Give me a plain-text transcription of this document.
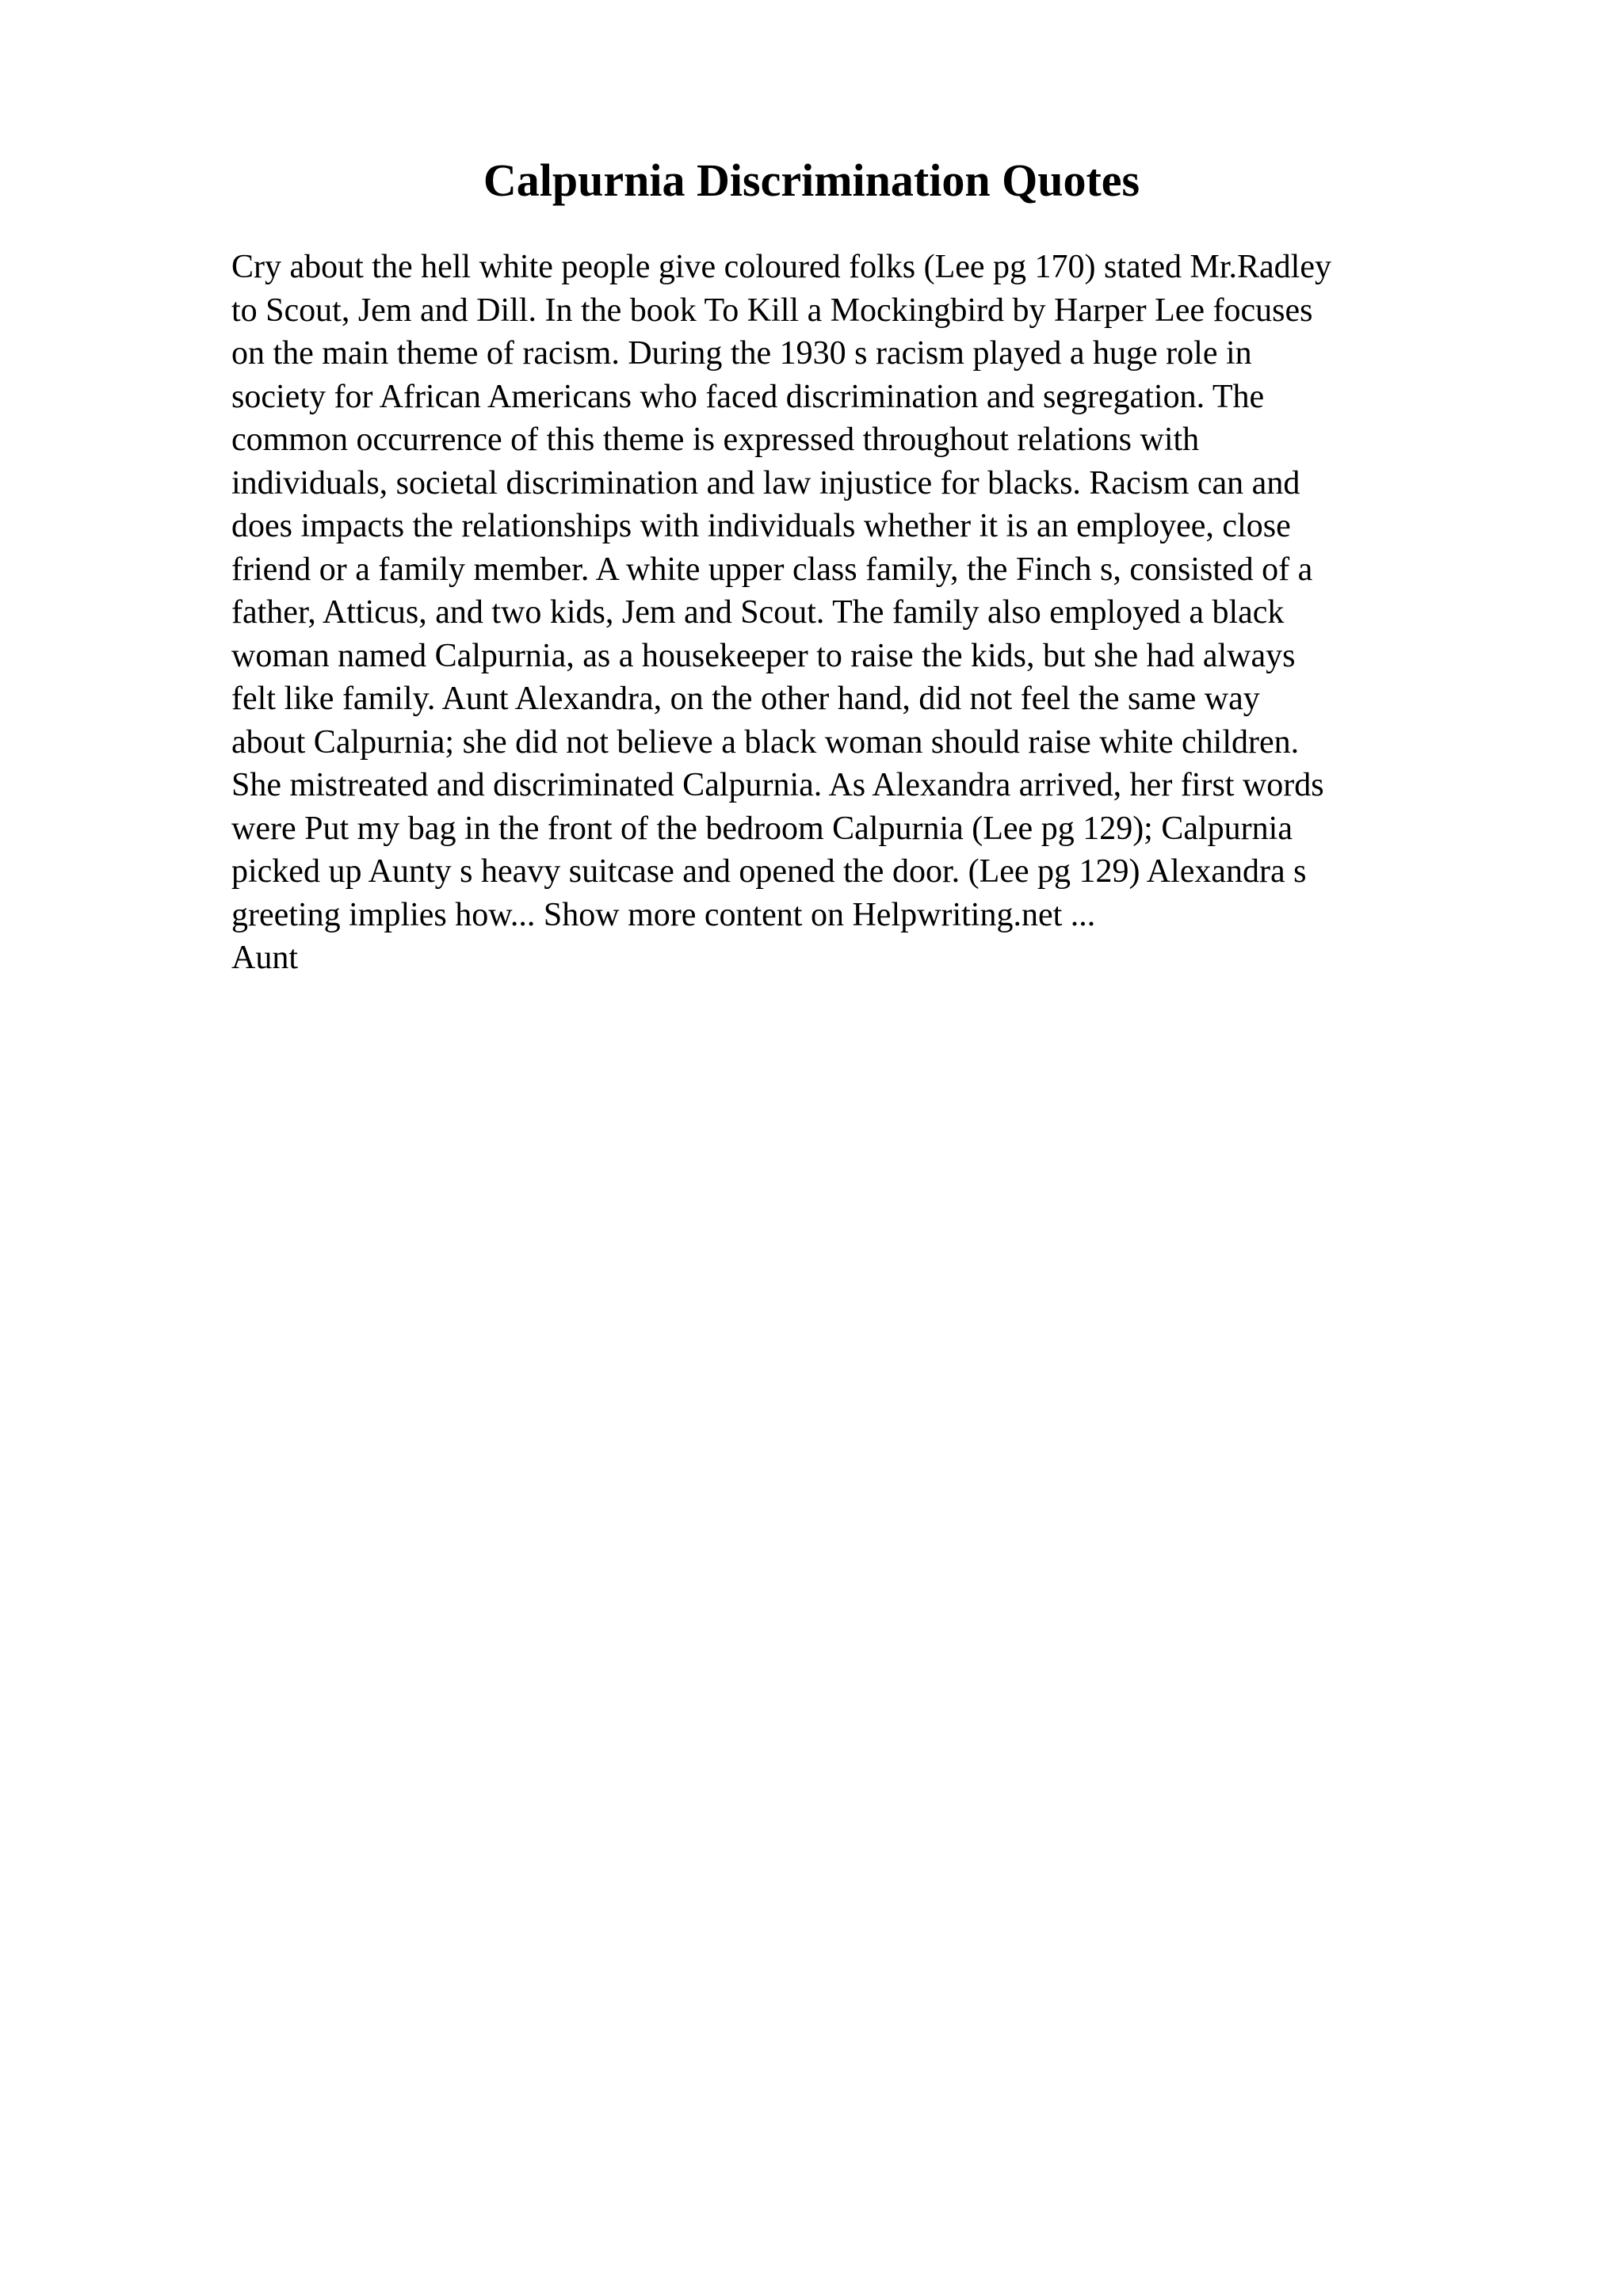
Calpurnia Discrimination Quotes
Cry about the hell white people give coloured folks (Lee pg 170) stated Mr.Radley
to Scout, Jem and Dill. In the book To Kill a Mockingbird by Harper Lee focuses
on the main theme of racism. During the 1930 s racism played a huge role in
society for African Americans who faced discrimination and segregation. The
common occurrence of this theme is expressed throughout relations with
individuals, societal discrimination and law injustice for blacks. Racism can and
does impacts the relationships with individuals whether it is an employee, close
friend or a family member. A white upper class family, the Finch s, consisted of a
father, Atticus, and two kids, Jem and Scout. The family also employed a black
woman named Calpurnia, as a housekeeper to raise the kids, but she had always
felt like family. Aunt Alexandra, on the other hand, did not feel the same way
about Calpurnia; she did not believe a black woman should raise white children.
She mistreated and discriminated Calpurnia. As Alexandra arrived, her first words
were Put my bag in the front of the bedroom Calpurnia (Lee pg 129); Calpurnia
picked up Aunty s heavy suitcase and opened the door. (Lee pg 129) Alexandra s
greeting implies how... Show more content on Helpwriting.net ...
Aunt
